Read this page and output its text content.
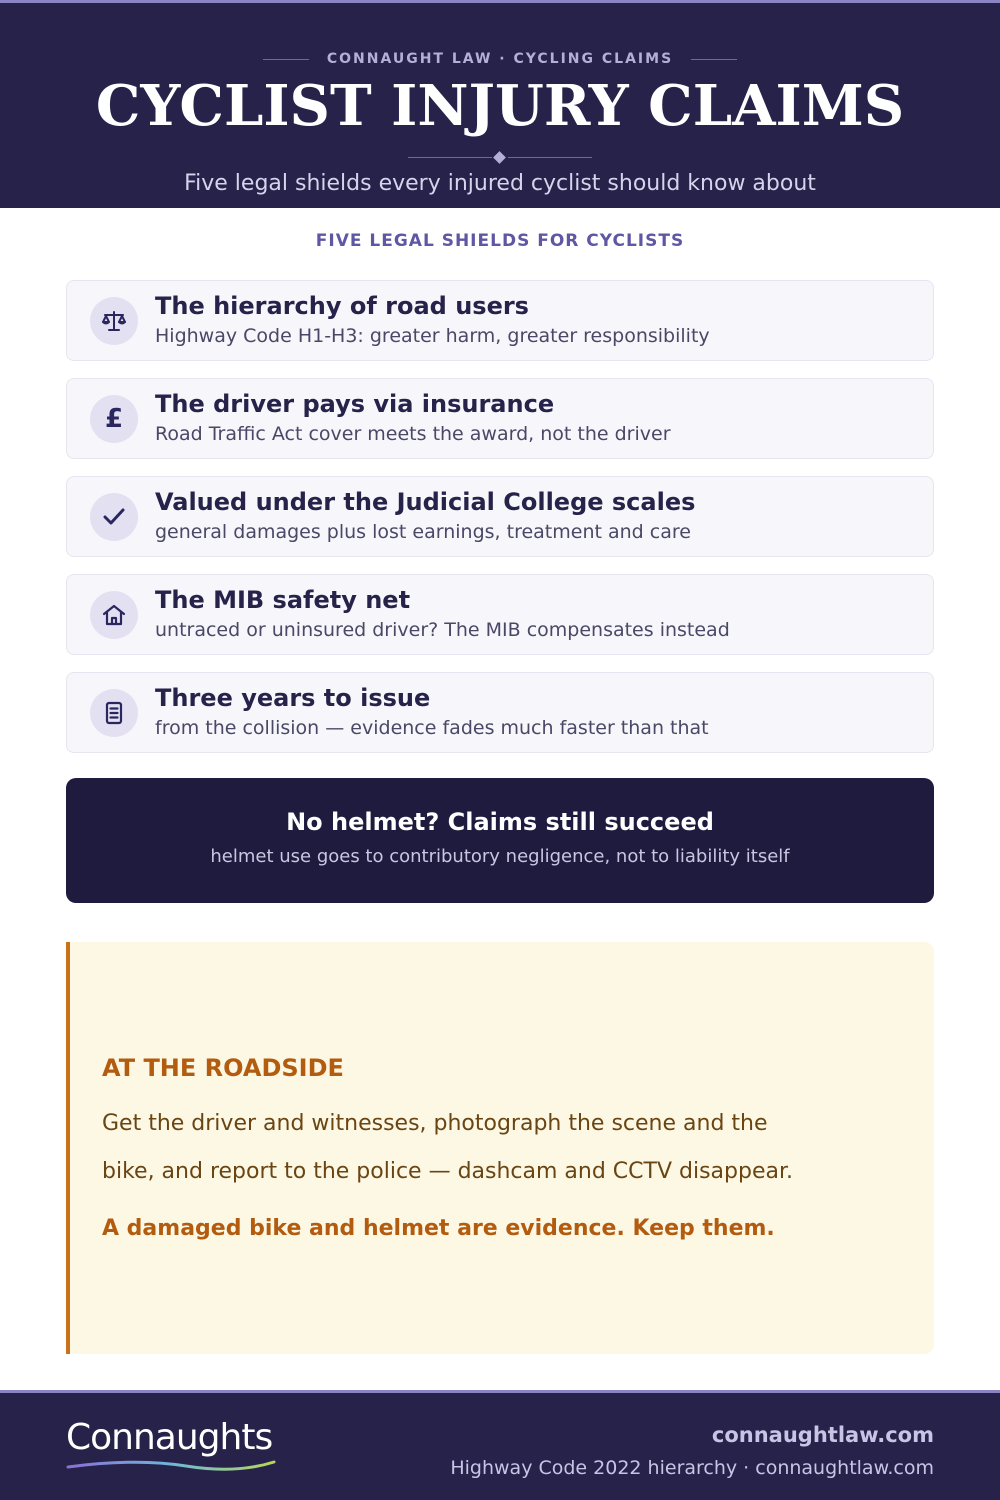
CONNAUGHT LAW · CYCLING CLAIMS
CYCLIST INJURY CLAIMS
Five legal shields every injured cyclist should know about
FIVE LEGAL SHIELDS FOR CYCLISTS
The hierarchy of road users
Highway Code H1-H3: greater harm, greater responsibility
£ The driver pays via insurance
Road Traffic Act cover meets the award, not the driver
Valued under the Judicial College scales
general damages plus lost earnings, treatment and care
The MIB safety net
untraced or uninsured driver? The MIB compensates instead
Three years to issue
from the collision — evidence fades much faster than that
No helmet? Claims still succeed
helmet use goes to contributory negligence, not to liability itself
AT THE ROADSIDE
Get the driver and witnesses, photograph the scene and the
bike, and report to the police — dashcam and CCTV disappear.
A damaged bike and helmet are evidence. Keep them.
Connaughts	connaughtlaw.com
Highway Code 2022 hierarchy · connaughtlaw.com
